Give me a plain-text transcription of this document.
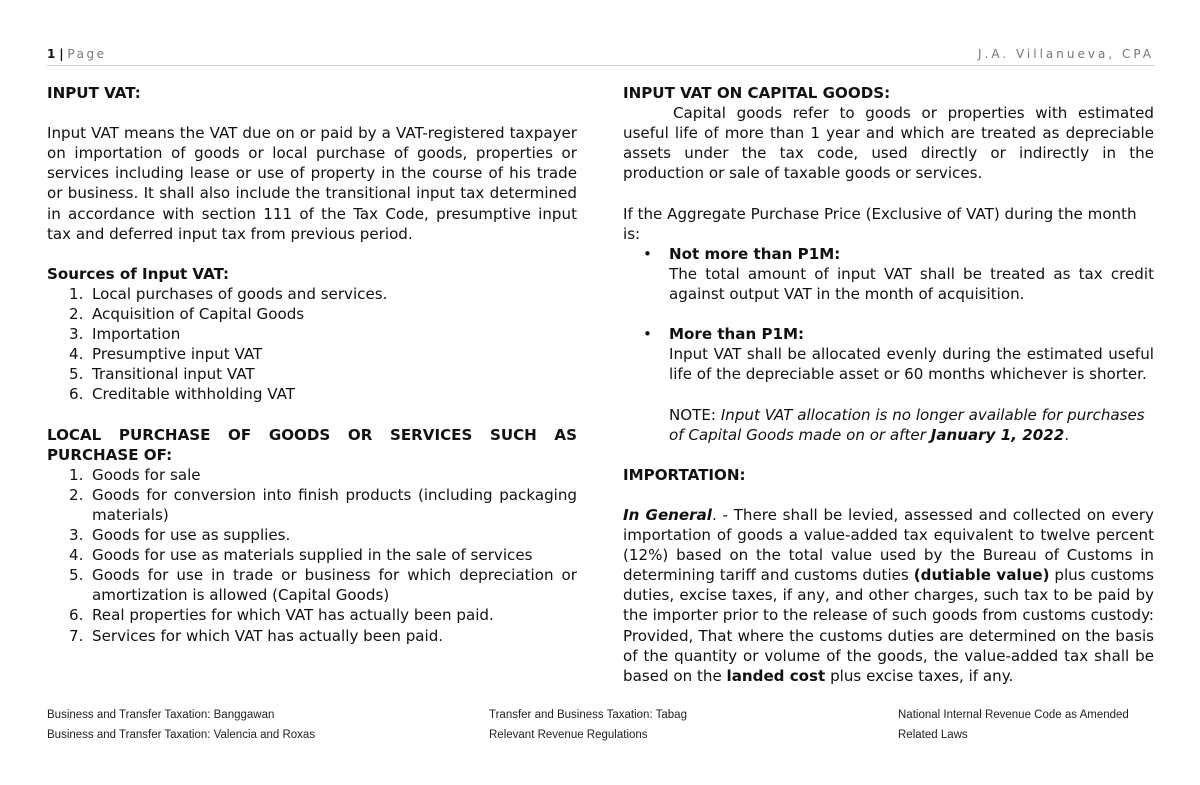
1 | Page	J.A. Villanueva, CPA

INPUT VAT:

Input VAT means the VAT due on or paid by a VAT-registered taxpayer on importation of goods or local purchase of goods, properties or services including lease or use of property in the course of his trade or business. It shall also include the transitional input tax determined in accordance with section 111 of the Tax Code, presumptive input tax and deferred input tax from previous period.

Sources of Input VAT:

1. Local purchases of goods and services.
2. Acquisition of Capital Goods
3. Importation
4. Presumptive input VAT
5. Transitional input VAT
6. Creditable withholding VAT

LOCAL PURCHASE OF GOODS OR SERVICES SUCH AS PURCHASE OF:

1. Goods for sale
2. Goods for conversion into finish products (including packaging materials)
3. Goods for use as supplies.
4. Goods for use as materials supplied in the sale of services
5. Goods for use in trade or business for which depreciation or amortization is allowed (Capital Goods)
6. Real properties for which VAT has actually been paid.
7. Services for which VAT has actually been paid.

INPUT VAT ON CAPITAL GOODS:

Capital goods refer to goods or properties with estimated useful life of more than 1 year and which are treated as depreciable assets under the tax code, used directly or indirectly in the production or sale of taxable goods or services.

If the Aggregate Purchase Price (Exclusive of VAT) during the month is:

• Not more than P1M:

The total amount of input VAT shall be treated as tax credit against output VAT in the month of acquisition.

• More than P1M:

Input VAT shall be allocated evenly during the estimated useful life of the depreciable asset or 60 months whichever is shorter.

NOTE: Input VAT allocation is no longer available for purchases of Capital Goods made on or after January 1, 2022.

IMPORTATION:

In General. - There shall be levied, assessed and collected on every importation of goods a value-added tax equivalent to twelve percent (12%) based on the total value used by the Bureau of Customs in determining tariff and customs duties (dutiable value) plus customs duties, excise taxes, if any, and other charges, such tax to be paid by the importer prior to the release of such goods from customs custody: Provided, That where the customs duties are determined on the basis of the quantity or volume of the goods, the value-added tax shall be based on the landed cost plus excise taxes, if any.

Business and Transfer Taxation: Banggawan
Business and Transfer Taxation: Valencia and Roxas
Transfer and Business Taxation: Tabag
Relevant Revenue Regulations
National Internal Revenue Code as Amended
Related Laws
